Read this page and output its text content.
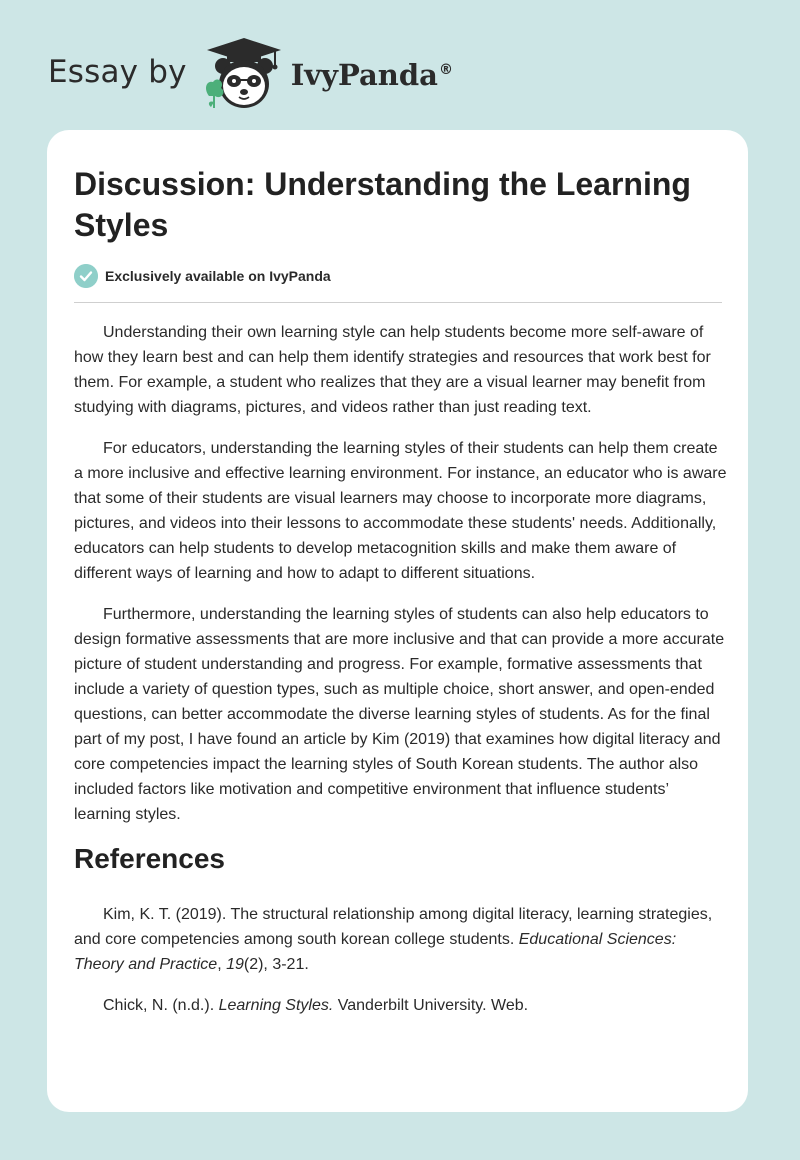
Essay by	IvyPanda®
Discussion: Understanding the Learning Styles
Exclusively available on IvyPanda

Understanding their own learning style can help students become more self-aware of how they learn best and can help them identify strategies and resources that work best for them. For example, a student who realizes that they are a visual learner may benefit from studying with diagrams, pictures, and videos rather than just reading text.

For educators, understanding the learning styles of their students can help them create a more inclusive and effective learning environment. For instance, an educator who is aware that some of their students are visual learners may choose to incorporate more diagrams, pictures, and videos into their lessons to accommodate these students' needs. Additionally, educators can help students to develop metacognition skills and make them aware of different ways of learning and how to adapt to different situations.

Furthermore, understanding the learning styles of students can also help educators to design formative assessments that are more inclusive and that can provide a more accurate picture of student understanding and progress. For example, formative assessments that include a variety of question types, such as multiple choice, short answer, and open-ended questions, can better accommodate the diverse learning styles of students. As for the final part of my post, I have found an article by Kim (2019) that examines how digital literacy and core competencies impact the learning styles of South Korean students. The author also included factors like motivation and competitive environment that influence students’ learning styles.

References

Kim, K. T. (2019). The structural relationship among digital literacy, learning strategies, and core competencies among south korean college students. Educational Sciences: Theory and Practice, 19(2), 3-21.

Chick, N. (n.d.). Learning Styles. Vanderbilt University. Web.
